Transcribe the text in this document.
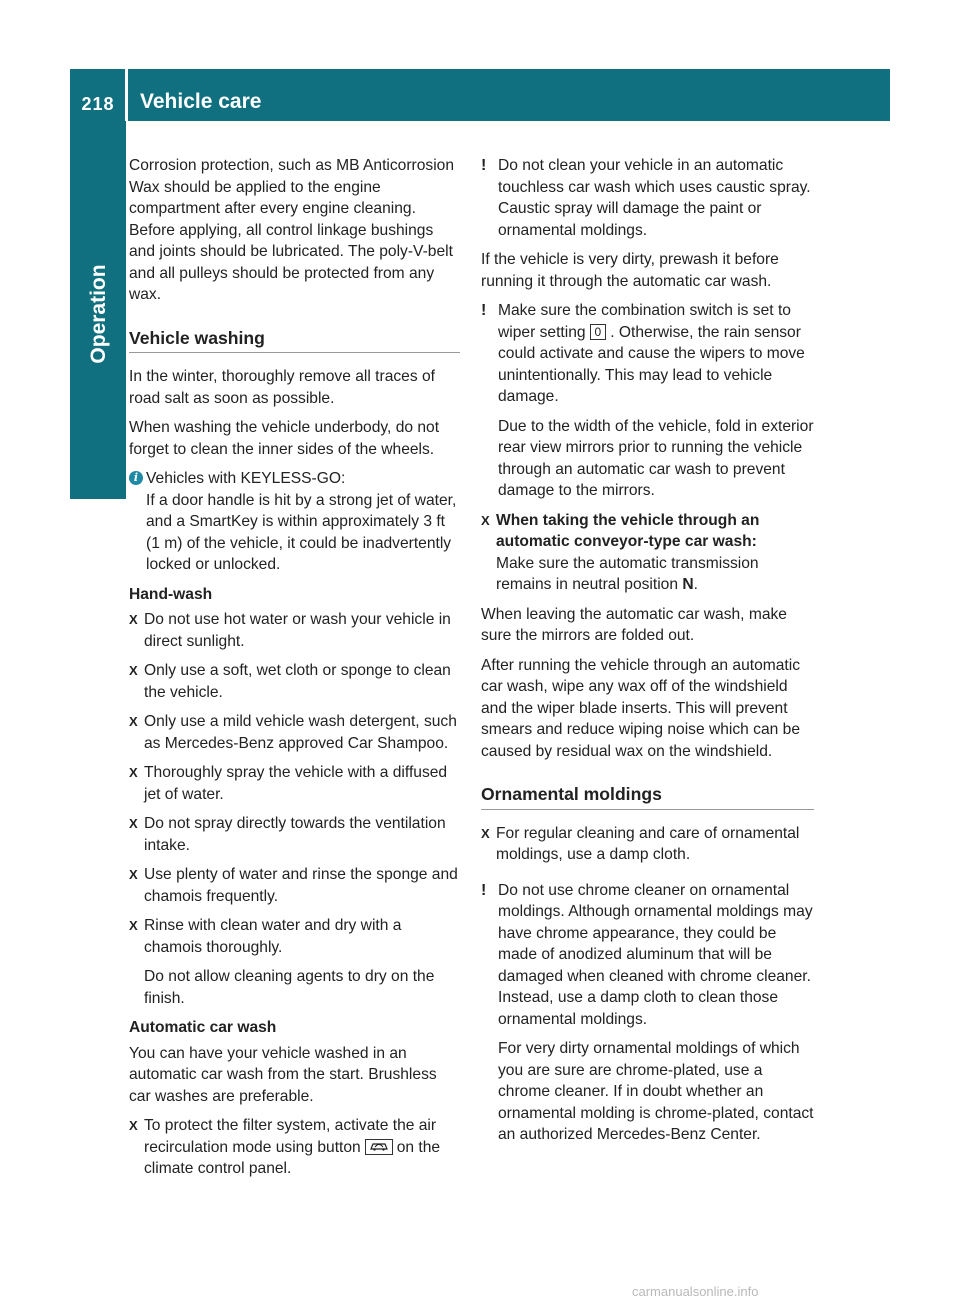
218	Vehicle care
Operation

Corrosion protection, such as MB Anticorrosion Wax should be applied to the engine compartment after every engine cleaning. Before applying, all control linkage bushings and joints should be lubricated. The poly-V-belt and all pulleys should be protected from any wax.

Vehicle washing

In the winter, thoroughly remove all traces of road salt as soon as possible.

When washing the vehicle underbody, do not forget to clean the inner sides of the wheels.

i Vehicles with KEYLESS-GO:
If a door handle is hit by a strong jet of water, and a SmartKey is within approximately 3 ft (1 m) of the vehicle, it could be inadvertently locked or unlocked.
Hand-wash
X Do not use hot water or wash your vehicle in direct sunlight.
X Only use a soft, wet cloth or sponge to clean the vehicle.
X Only use a mild vehicle wash detergent, such as Mercedes-Benz approved Car Shampoo.
X Thoroughly spray the vehicle with a diffused jet of water.
X Do not spray directly towards the ventilation intake.
X Use plenty of water and rinse the sponge and chamois frequently.
X Rinse with clean water and dry with a chamois thoroughly.
Do not allow cleaning agents to dry on the finish.
Automatic car wash

You can have your vehicle washed in an automatic car wash from the start. Brushless car washes are preferable.

X To protect the filter system, activate the air recirculation mode using button on the climate control panel.
! Do not clean your vehicle in an automatic touchless car wash which uses caustic spray. Caustic spray will damage the paint or ornamental moldings.

If the vehicle is very dirty, prewash it before running it through the automatic car wash.

! Make sure the combination switch is set to wiper setting 0 . Otherwise, the rain sensor could activate and cause the wipers to move unintentionally. This may lead to vehicle damage.
Due to the width of the vehicle, fold in exterior rear view mirrors prior to running the vehicle through an automatic car wash to prevent damage to the mirrors.
X When taking the vehicle through an automatic conveyor-type car wash:
Make sure the automatic transmission remains in neutral position N.

When leaving the automatic car wash, make sure the mirrors are folded out.

After running the vehicle through an automatic car wash, wipe any wax off of the windshield and the wiper blade inserts. This will prevent smears and reduce wiping noise which can be caused by residual wax on the windshield.

Ornamental moldings
X For regular cleaning and care of ornamental moldings, use a damp cloth.
! Do not use chrome cleaner on ornamental moldings. Although ornamental moldings may have chrome appearance, they could be made of anodized aluminum that will be damaged when cleaned with chrome cleaner. Instead, use a damp cloth to clean those ornamental moldings.
For very dirty ornamental moldings of which you are sure are chrome-plated, use a chrome cleaner. If in doubt whether an ornamental molding is chrome-plated, contact an authorized Mercedes-Benz Center.
carmanualsonline.info
